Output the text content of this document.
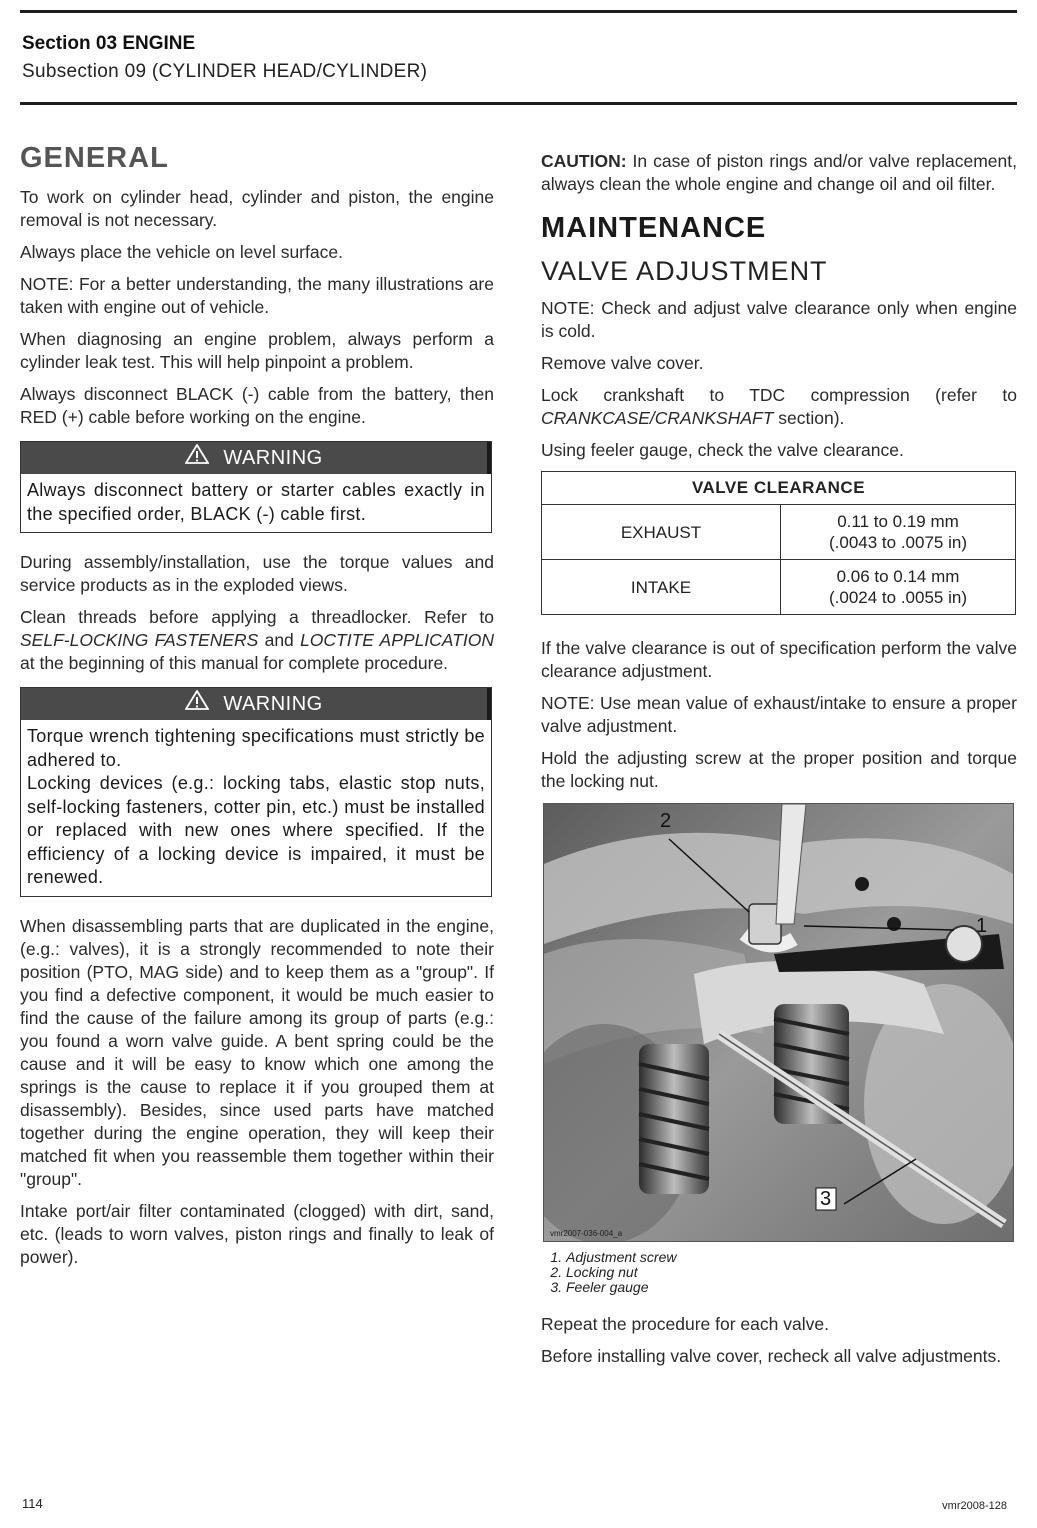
Section 03 ENGINE
Subsection 09 (CYLINDER HEAD/CYLINDER)
GENERAL

To work on cylinder head, cylinder and piston, the engine removal is not necessary.

Always place the vehicle on level surface.

NOTE: For a better understanding, the many illustrations are taken with engine out of vehicle.

When diagnosing an engine problem, always perform a cylinder leak test. This will help pinpoint a problem.

Always disconnect BLACK (-) cable from the battery, then RED (+) cable before working on the engine.

WARNING

Always disconnect battery or starter cables exactly in the specified order, BLACK (-) cable first.

During assembly/installation, use the torque values and service products as in the exploded views.

Clean threads before applying a threadlocker. Refer to SELF-LOCKING FASTENERS and LOCTITE APPLICATION at the beginning of this manual for complete procedure.

WARNING

Torque wrench tightening specifications must strictly be adhered to.

Locking devices (e.g.: locking tabs, elastic stop nuts, self-locking fasteners, cotter pin, etc.) must be installed or replaced with new ones where specified. If the efficiency of a locking device is impaired, it must be renewed.

When disassembling parts that are duplicated in the engine, (e.g.: valves), it is a strongly recommended to note their position (PTO, MAG side) and to keep them as a "group". If you find a defective component, it would be much easier to find the cause of the failure among its group of parts (e.g.: you found a worn valve guide. A bent spring could be the cause and it will be easy to know which one among the springs is the cause to replace it if you grouped them at disassembly). Besides, since used parts have matched together during the engine operation, they will keep their matched fit when you reassemble them together within their "group".

Intake port/air filter contaminated (clogged) with dirt, sand, etc. (leads to worn valves, piston rings and finally to leak of power).

CAUTION: In case of piston rings and/or valve replacement, always clean the whole engine and change oil and oil filter.

MAINTENANCE
VALVE ADJUSTMENT

NOTE: Check and adjust valve clearance only when engine is cold.

Remove valve cover.

Lock crankshaft to TDC compression (refer to CRANKCASE/CRANKSHAFT section).

Using feeler gauge, check the valve clearance.

VALVE CLEARANCE	
EXHAUST	0.11 to 0.19 mm
(.0043 to .0075 in)
INTAKE	0.06 to 0.14 mm
(.0024 to .0055 in)

If the valve clearance is out of specification perform the valve clearance adjustment.

NOTE: Use mean value of exhaust/intake to ensure a proper valve adjustment.

Hold the adjusting screw at the proper position and torque the locking nut.

2
1
3
vmr2007-036-004_a
1. Adjustment screw
2. Locking nut
3. Feeler gauge

Repeat the procedure for each valve.

Before installing valve cover, recheck all valve adjustments.

114	vmr2008-128
